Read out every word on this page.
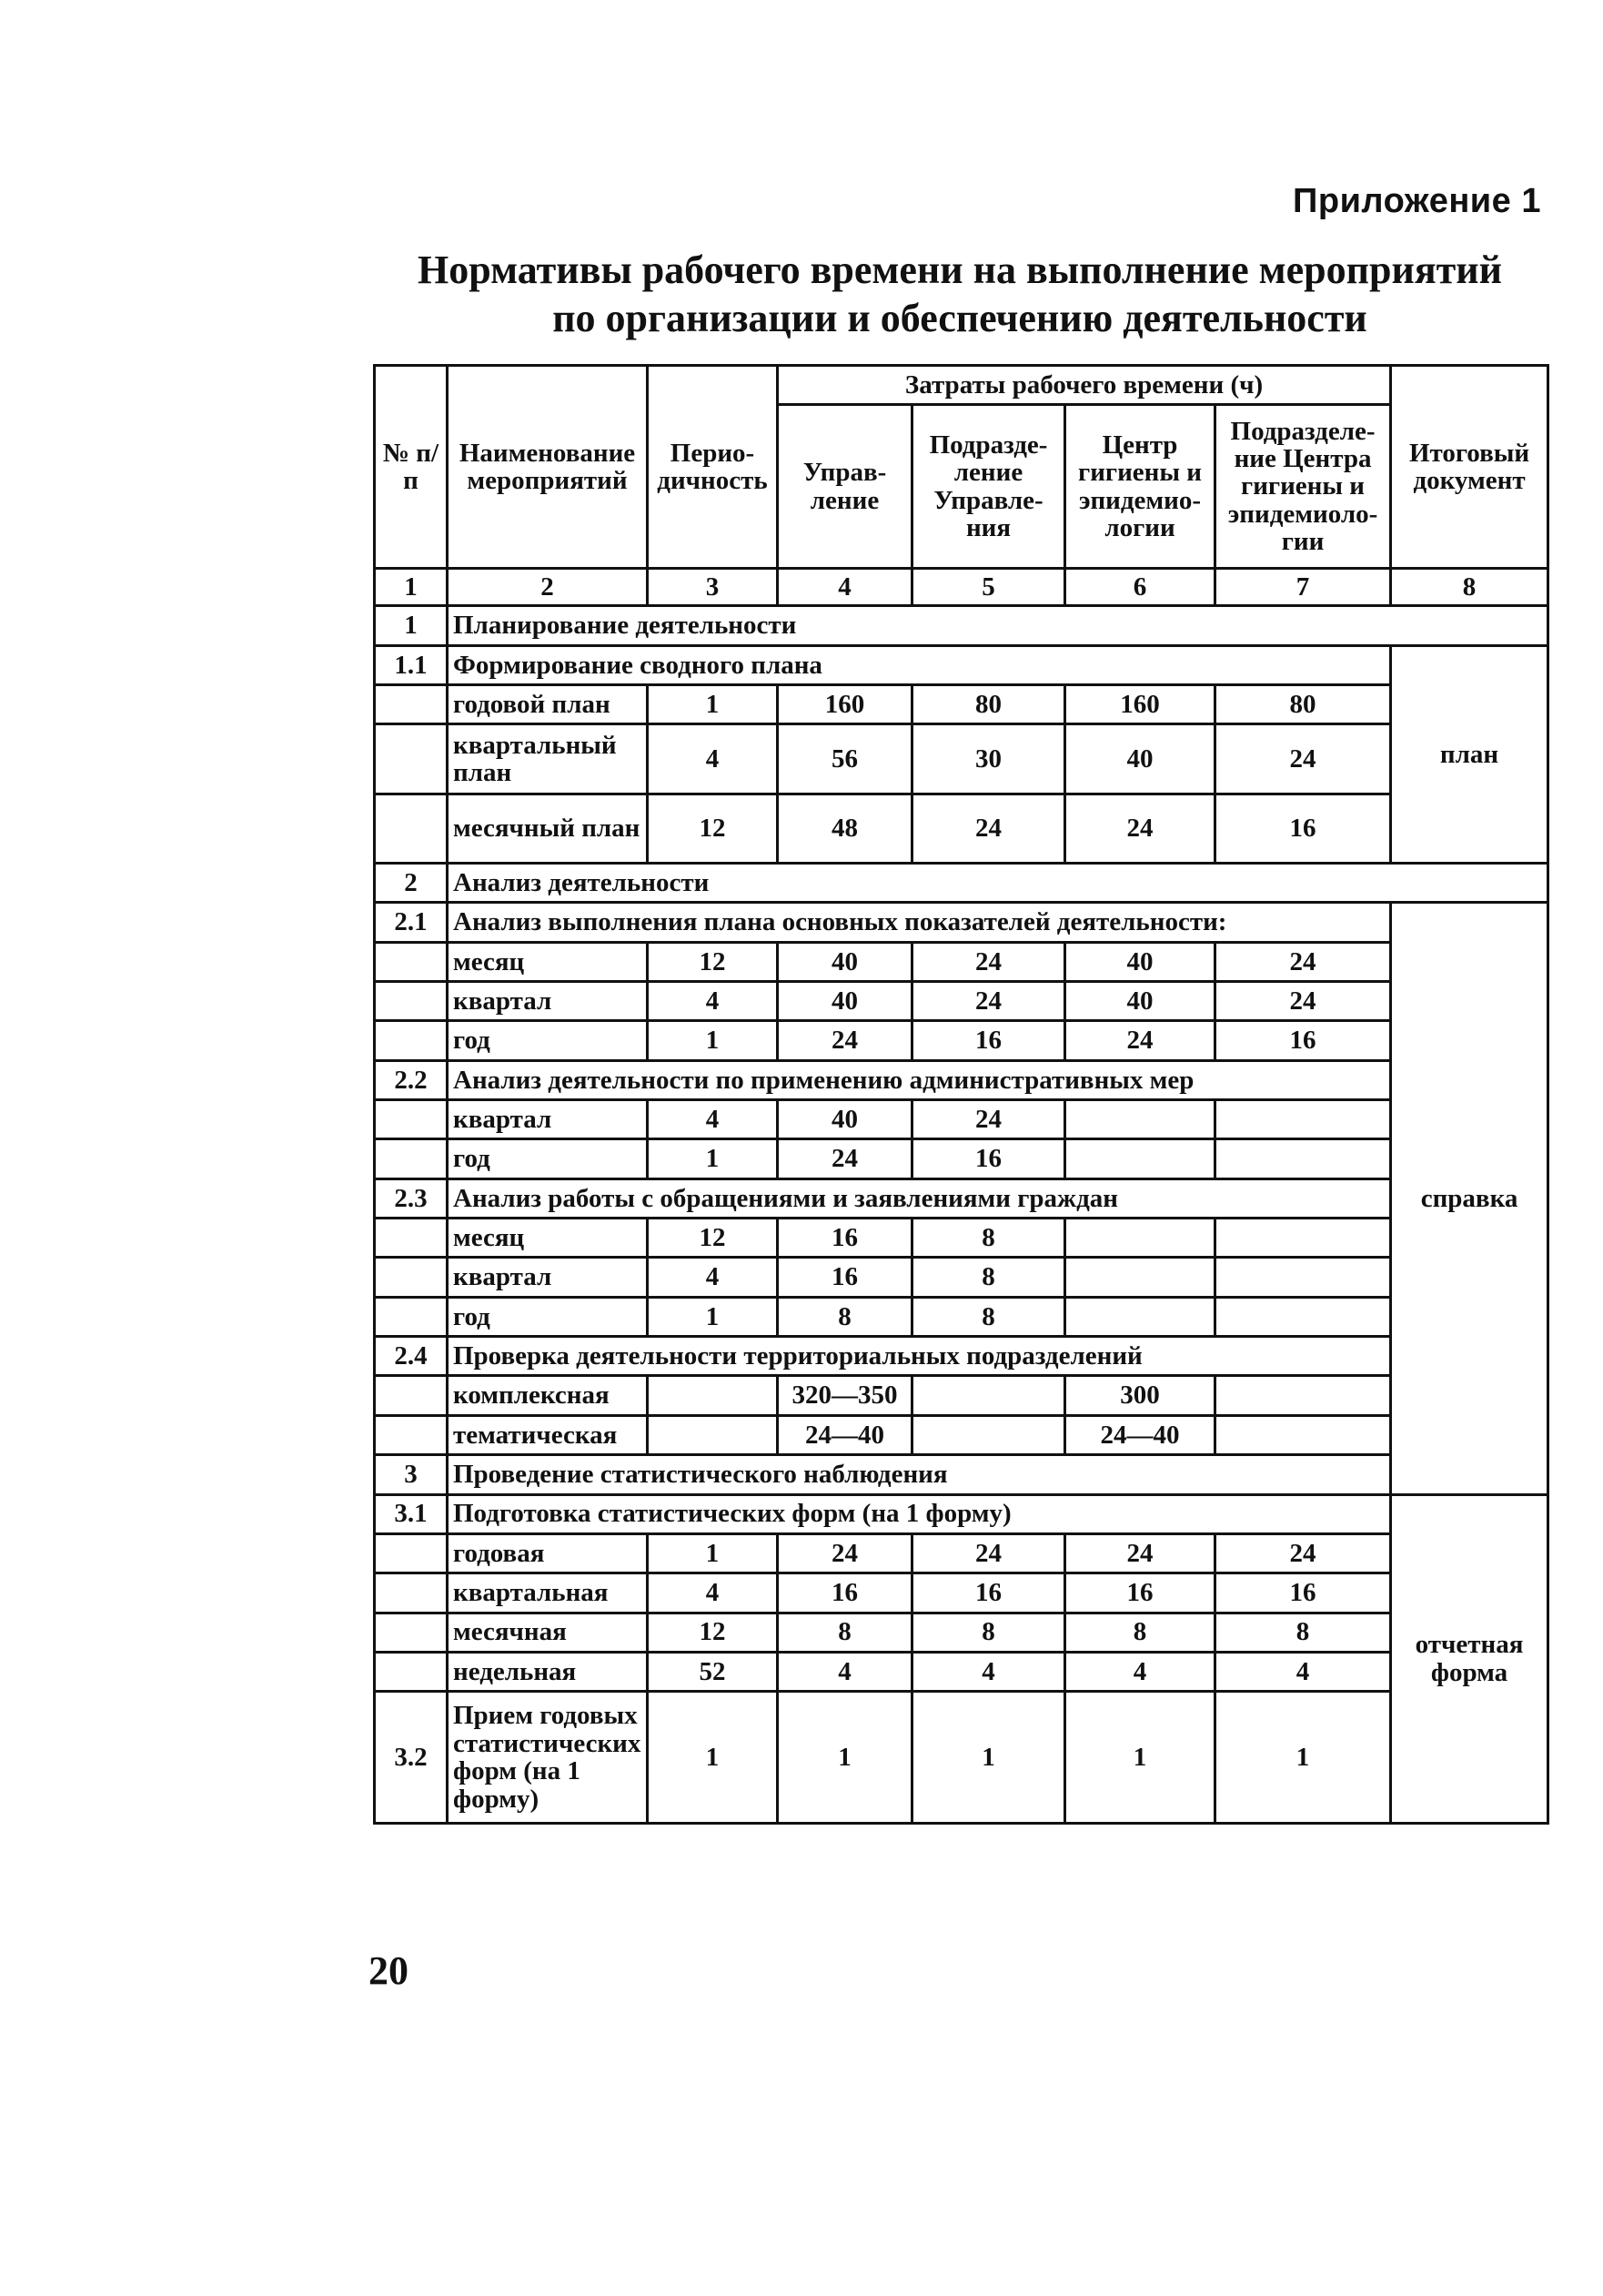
Приложение 1
Нормативы рабочего времени на выполнение мероприятий
по организации и обеспечению деятельности
№ п/п	Наименование мероприятий	Перио- дичность	Затраты рабочего времени (ч)				Итоговый документ
			Управ- ление	Подразде- ление Управле- ния	Центр гигиены и эпидемио- логии	Подразделе- ние Центра гигиены и эпидемиоло- гии	
1	2	3	4	5	6	7	8
1	Планирование деятельности						
1.1	Формирование сводного плана						план
	годовой план	1	160	80	160	80	
	квартальный план	4	56	30	40	24	
	месячный план	12	48	24	24	16	
2	Анализ деятельности						
2.1	Анализ выполнения плана основных показателей деятельности:						справка
	месяц	12	40	24	40	24	
	квартал	4	40	24	40	24	
	год	1	24	16	24	16	
2.2	Анализ деятельности по применению административных мер						
	квартал	4	40	24			
	год	1	24	16			
2.3	Анализ работы с обращениями и заявлениями граждан						
	месяц	12	16	8			
	квартал	4	16	8			
	год	1	8	8			
2.4	Проверка деятельности территориальных подразделений						
	комплексная		320—350		300		
	тематическая		24—40		24—40		
3	Проведение статистического наблюдения						
3.1	Подготовка статистических форм (на 1 форму)						отчетная форма
	годовая	1	24	24	24	24	
	квартальная	4	16	16	16	16	
	месячная	12	8	8	8	8	
	недельная	52	4	4	4	4	
3.2	Прием годовых статистических форм (на 1 форму)	1	1	1	1	1	
20
